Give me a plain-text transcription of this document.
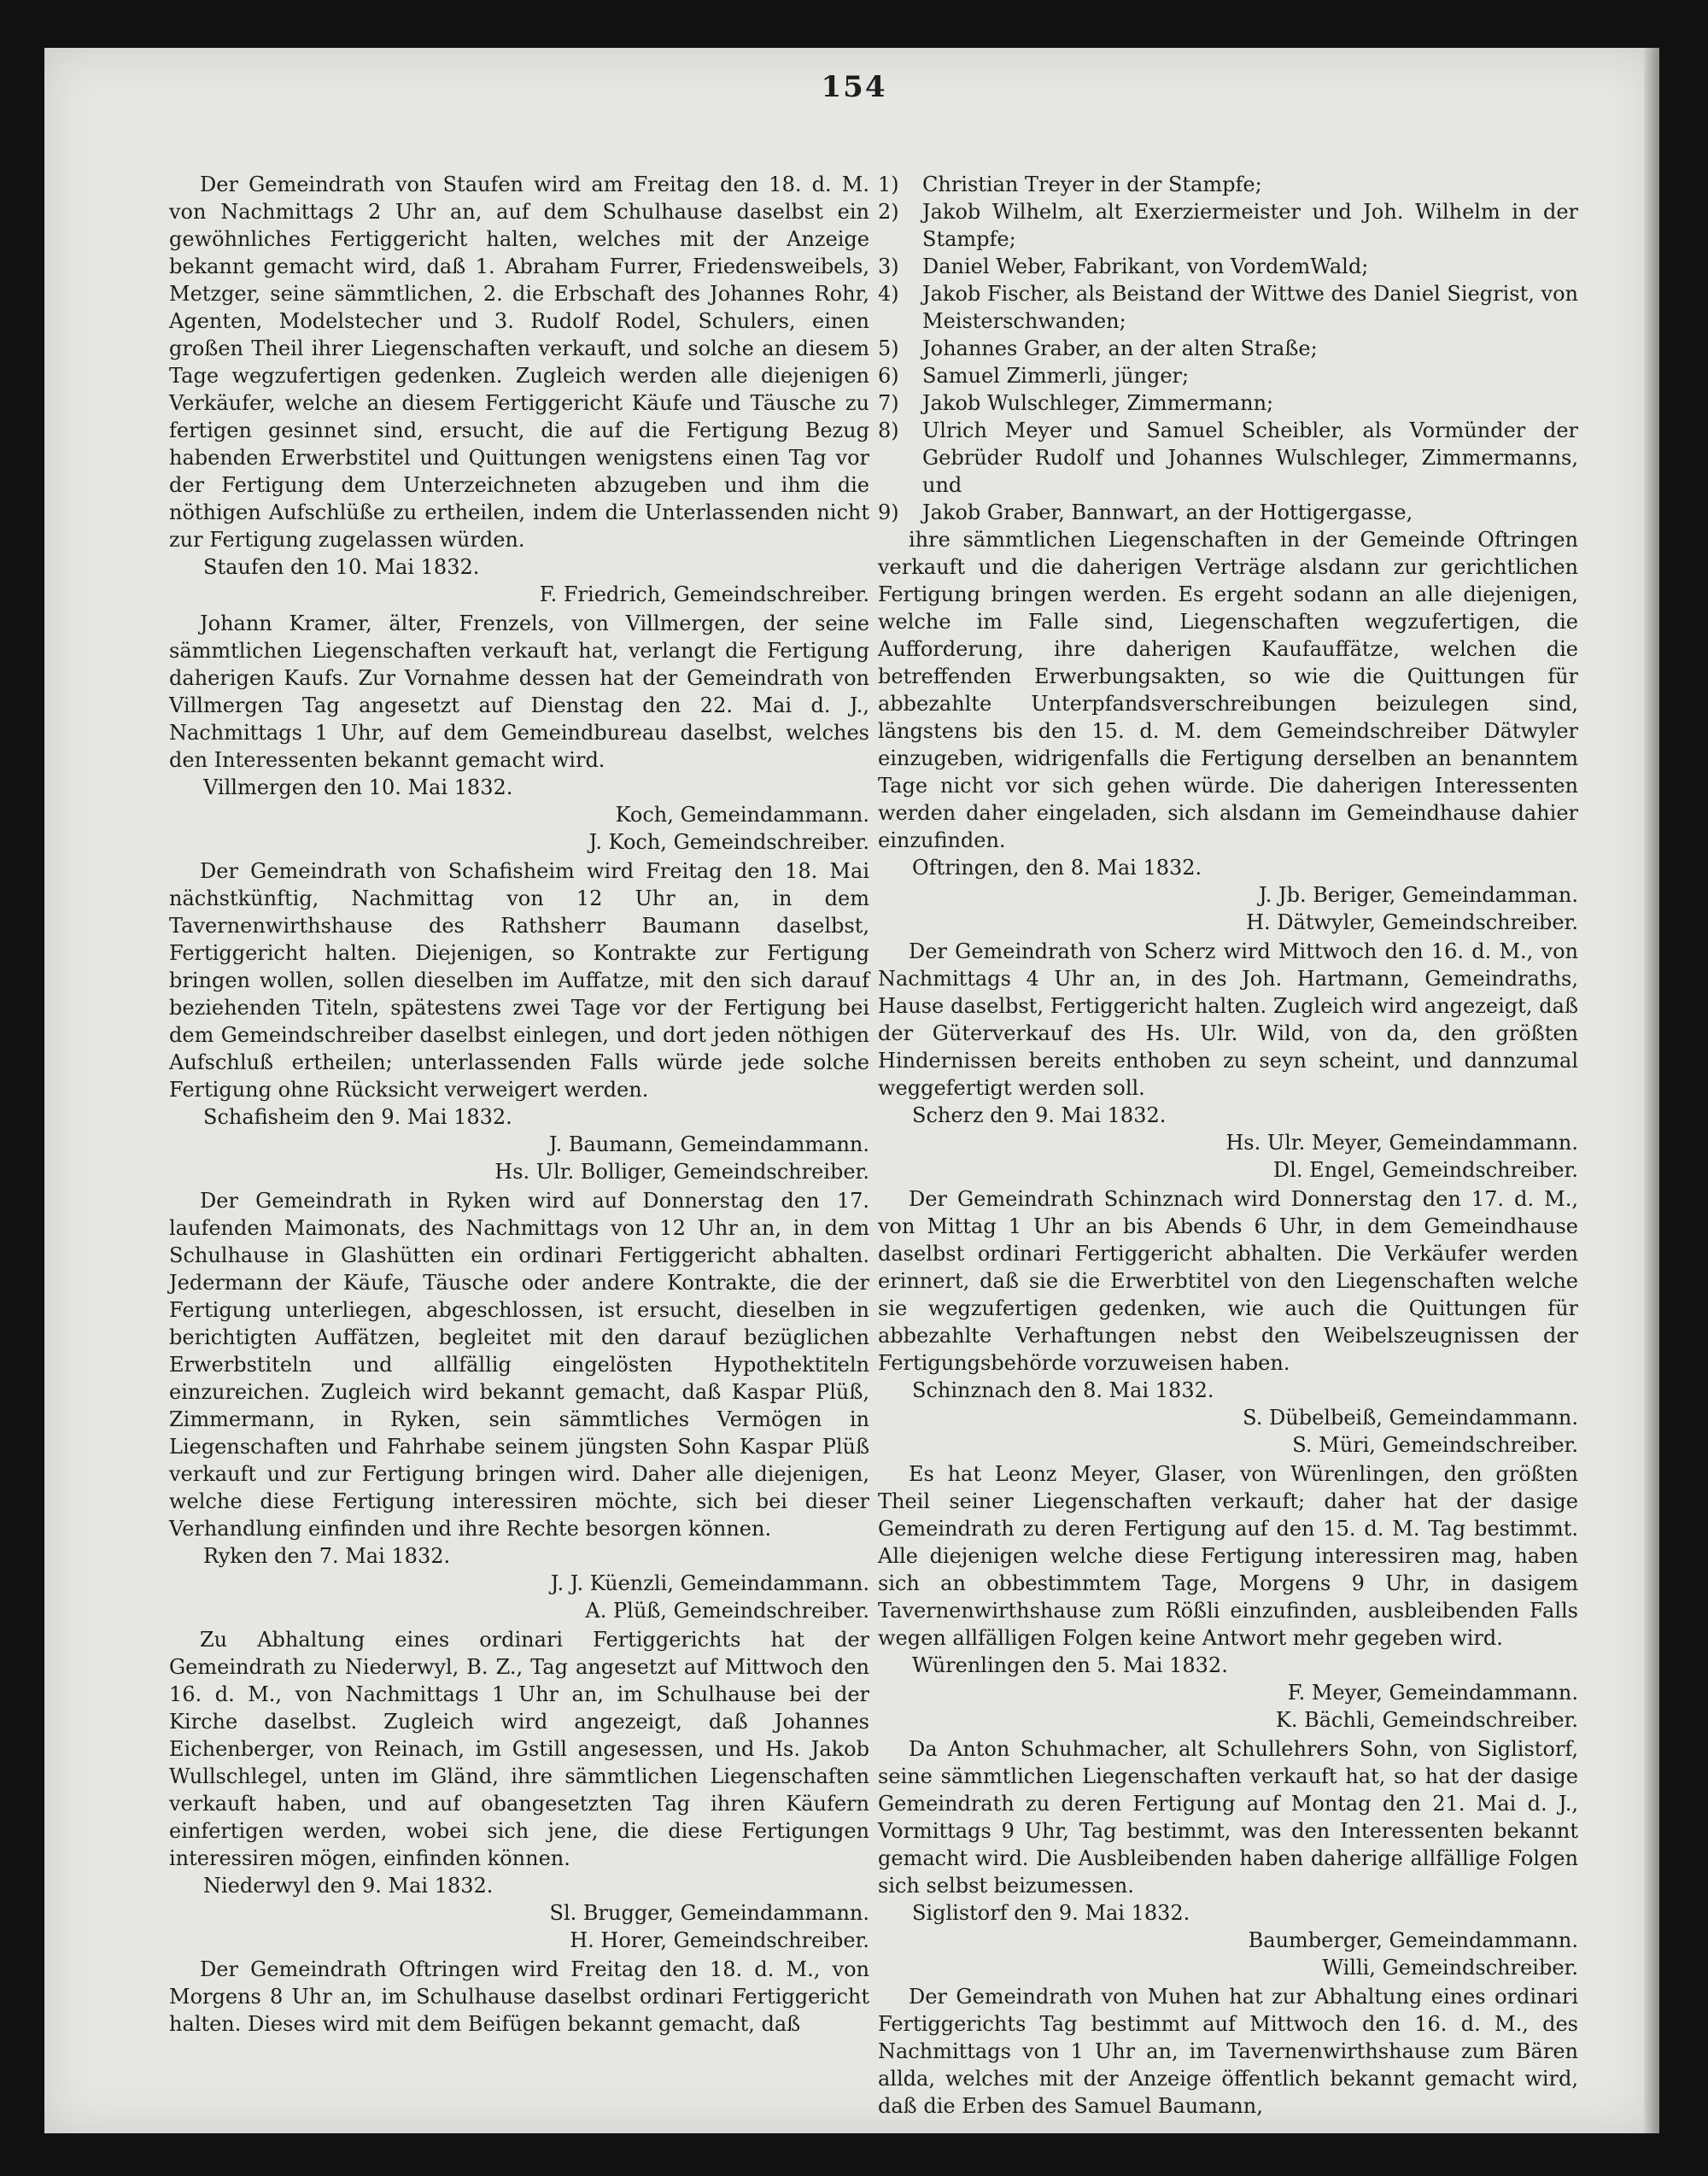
154

Der Gemeindrath von Staufen wird am Freitag den 18. d. M. von Nachmittags 2 Uhr an, auf dem Schulhause daselbst ein gewöhnliches Fertiggericht halten, welches mit der Anzeige bekannt gemacht wird, daß 1. Abraham Furrer, Friedensweibels, Metzger, seine sämmtlichen, 2. die Erbschaft des Johannes Rohr, Agenten, Modelstecher und 3. Rudolf Rodel, Schulers, einen großen Theil ihrer Liegenschaften verkauft, und solche an diesem Tage wegzufertigen gedenken. Zugleich werden alle diejenigen Verkäufer, welche an diesem Fertiggericht Käufe und Täusche zu fertigen gesinnet sind, ersucht, die auf die Fertigung Bezug habenden Erwerbstitel und Quittungen wenigstens einen Tag vor der Fertigung dem Unterzeichneten abzugeben und ihm die nöthigen Aufschlüße zu ertheilen, indem die Unterlassenden nicht zur Fertigung zugelassen würden.

Staufen den 10. Mai 1832.
F. Friedrich, Gemeindschreiber.

Johann Kramer, älter, Frenzels, von Villmergen, der seine sämmtlichen Liegenschaften verkauft hat, verlangt die Fertigung daherigen Kaufs. Zur Vornahme dessen hat der Gemeindrath von Villmergen Tag angesetzt auf Dienstag den 22. Mai d. J., Nachmittags 1 Uhr, auf dem Gemeindbureau daselbst, welches den Interessenten bekannt gemacht wird.

Villmergen den 10. Mai 1832.
Koch, Gemeindammann.
J. Koch, Gemeindschreiber.

Der Gemeindrath von Schafisheim wird Freitag den 18. Mai nächstkünftig, Nachmittag von 12 Uhr an, in dem Tavernenwirthshause des Rathsherr Baumann daselbst, Fertiggericht halten. Diejenigen, so Kontrakte zur Fertigung bringen wollen, sollen dieselben im Auffatze, mit den sich darauf beziehenden Titeln, spätestens zwei Tage vor der Fertigung bei dem Gemeindschreiber daselbst einlegen, und dort jeden nöthigen Aufschluß ertheilen; unterlassenden Falls würde jede solche Fertigung ohne Rücksicht verweigert werden.

Schafisheim den 9. Mai 1832.
J. Baumann, Gemeindammann.
Hs. Ulr. Bolliger, Gemeindschreiber.

Der Gemeindrath in Ryken wird auf Donnerstag den 17. laufenden Maimonats, des Nachmittags von 12 Uhr an, in dem Schulhause in Glashütten ein ordinari Fertiggericht abhalten. Jedermann der Käufe, Täusche oder andere Kontrakte, die der Fertigung unterliegen, abgeschlossen, ist ersucht, dieselben in berichtigten Auffätzen, begleitet mit den darauf bezüglichen Erwerbstiteln und allfällig eingelösten Hypothektiteln einzureichen. Zugleich wird bekannt gemacht, daß Kaspar Plüß, Zimmermann, in Ryken, sein sämmtliches Vermögen in Liegenschaften und Fahrhabe seinem jüngsten Sohn Kaspar Plüß verkauft und zur Fertigung bringen wird. Daher alle diejenigen, welche diese Fertigung interessiren möchte, sich bei dieser Verhandlung einfinden und ihre Rechte besorgen können.

Ryken den 7. Mai 1832.
J. J. Küenzli, Gemeindammann.
A. Plüß, Gemeindschreiber.

Zu Abhaltung eines ordinari Fertiggerichts hat der Gemeindrath zu Niederwyl, B. Z., Tag angesetzt auf Mittwoch den 16. d. M., von Nachmittags 1 Uhr an, im Schulhause bei der Kirche daselbst. Zugleich wird angezeigt, daß Johannes Eichenberger, von Reinach, im Gstill angesessen, und Hs. Jakob Wullschlegel, unten im Gländ, ihre sämmtlichen Liegenschaften verkauft haben, und auf obangesetzten Tag ihren Käufern einfertigen werden, wobei sich jene, die diese Fertigungen interessiren mögen, einfinden können.

Niederwyl den 9. Mai 1832.
Sl. Brugger, Gemeindammann.
H. Horer, Gemeindschreiber.

Der Gemeindrath Oftringen wird Freitag den 18. d. M., von Morgens 8 Uhr an, im Schulhause daselbst ordinari Fertiggericht halten. Dieses wird mit dem Beifügen bekannt gemacht, daß

1) Christian Treyer in der Stampfe;
2) Jakob Wilhelm, alt Exerziermeister und Joh. Wilhelm in der Stampfe;
3) Daniel Weber, Fabrikant, von VordemWald;
4) Jakob Fischer, als Beistand der Wittwe des Daniel Siegrist, von Meisterschwanden;
5) Johannes Graber, an der alten Straße;
6) Samuel Zimmerli, jünger;
7) Jakob Wulschleger, Zimmermann;
8) Ulrich Meyer und Samuel Scheibler, als Vormünder der Gebrüder Rudolf und Johannes Wulschleger, Zimmermanns, und
9) Jakob Graber, Bannwart, an der Hottigergasse,

ihre sämmtlichen Liegenschaften in der Gemeinde Oftringen verkauft und die daherigen Verträge alsdann zur gerichtlichen Fertigung bringen werden. Es ergeht sodann an alle diejenigen, welche im Falle sind, Liegenschaften wegzufertigen, die Aufforderung, ihre daherigen Kaufauffätze, welchen die betreffenden Erwerbungsakten, so wie die Quittungen für abbezahlte Unterpfandsverschreibungen beizulegen sind, längstens bis den 15. d. M. dem Gemeindschreiber Dätwyler einzugeben, widrigenfalls die Fertigung derselben an benanntem Tage nicht vor sich gehen würde. Die daherigen Interessenten werden daher eingeladen, sich alsdann im Gemeindhause dahier einzufinden.

Oftringen, den 8. Mai 1832.
J. Jb. Beriger, Gemeindamman.
H. Dätwyler, Gemeindschreiber.

Der Gemeindrath von Scherz wird Mittwoch den 16. d. M., von Nachmittags 4 Uhr an, in des Joh. Hartmann, Gemeindraths, Hause daselbst, Fertiggericht halten. Zugleich wird angezeigt, daß der Güterverkauf des Hs. Ulr. Wild, von da, den größten Hindernissen bereits enthoben zu seyn scheint, und dannzumal weggefertigt werden soll.

Scherz den 9. Mai 1832.
Hs. Ulr. Meyer, Gemeindammann.
Dl. Engel, Gemeindschreiber.

Der Gemeindrath Schinznach wird Donnerstag den 17. d. M., von Mittag 1 Uhr an bis Abends 6 Uhr, in dem Gemeindhause daselbst ordinari Fertiggericht abhalten. Die Verkäufer werden erinnert, daß sie die Erwerbtitel von den Liegenschaften welche sie wegzufertigen gedenken, wie auch die Quittungen für abbezahlte Verhaftungen nebst den Weibelszeugnissen der Fertigungsbehörde vorzuweisen haben.

Schinznach den 8. Mai 1832.
S. Dübelbeiß, Gemeindammann.
S. Müri, Gemeindschreiber.

Es hat Leonz Meyer, Glaser, von Würenlingen, den größten Theil seiner Liegenschaften verkauft; daher hat der dasige Gemeindrath zu deren Fertigung auf den 15. d. M. Tag bestimmt. Alle diejenigen welche diese Fertigung interessiren mag, haben sich an obbestimmtem Tage, Morgens 9 Uhr, in dasigem Tavernenwirthshause zum Rößli einzufinden, ausbleibenden Falls wegen allfälligen Folgen keine Antwort mehr gegeben wird.

Würenlingen den 5. Mai 1832.
F. Meyer, Gemeindammann.
K. Bächli, Gemeindschreiber.

Da Anton Schuhmacher, alt Schullehrers Sohn, von Siglistorf, seine sämmtlichen Liegenschaften verkauft hat, so hat der dasige Gemeindrath zu deren Fertigung auf Montag den 21. Mai d. J., Vormittags 9 Uhr, Tag bestimmt, was den Interessenten bekannt gemacht wird. Die Ausbleibenden haben daherige allfällige Folgen sich selbst beizumessen.

Siglistorf den 9. Mai 1832.
Baumberger, Gemeindammann.
Willi, Gemeindschreiber.

Der Gemeindrath von Muhen hat zur Abhaltung eines ordinari Fertiggerichts Tag bestimmt auf Mittwoch den 16. d. M., des Nachmittags von 1 Uhr an, im Tavernenwirthshause zum Bären allda, welches mit der Anzeige öffentlich bekannt gemacht wird, daß die Erben des Samuel Baumann,
